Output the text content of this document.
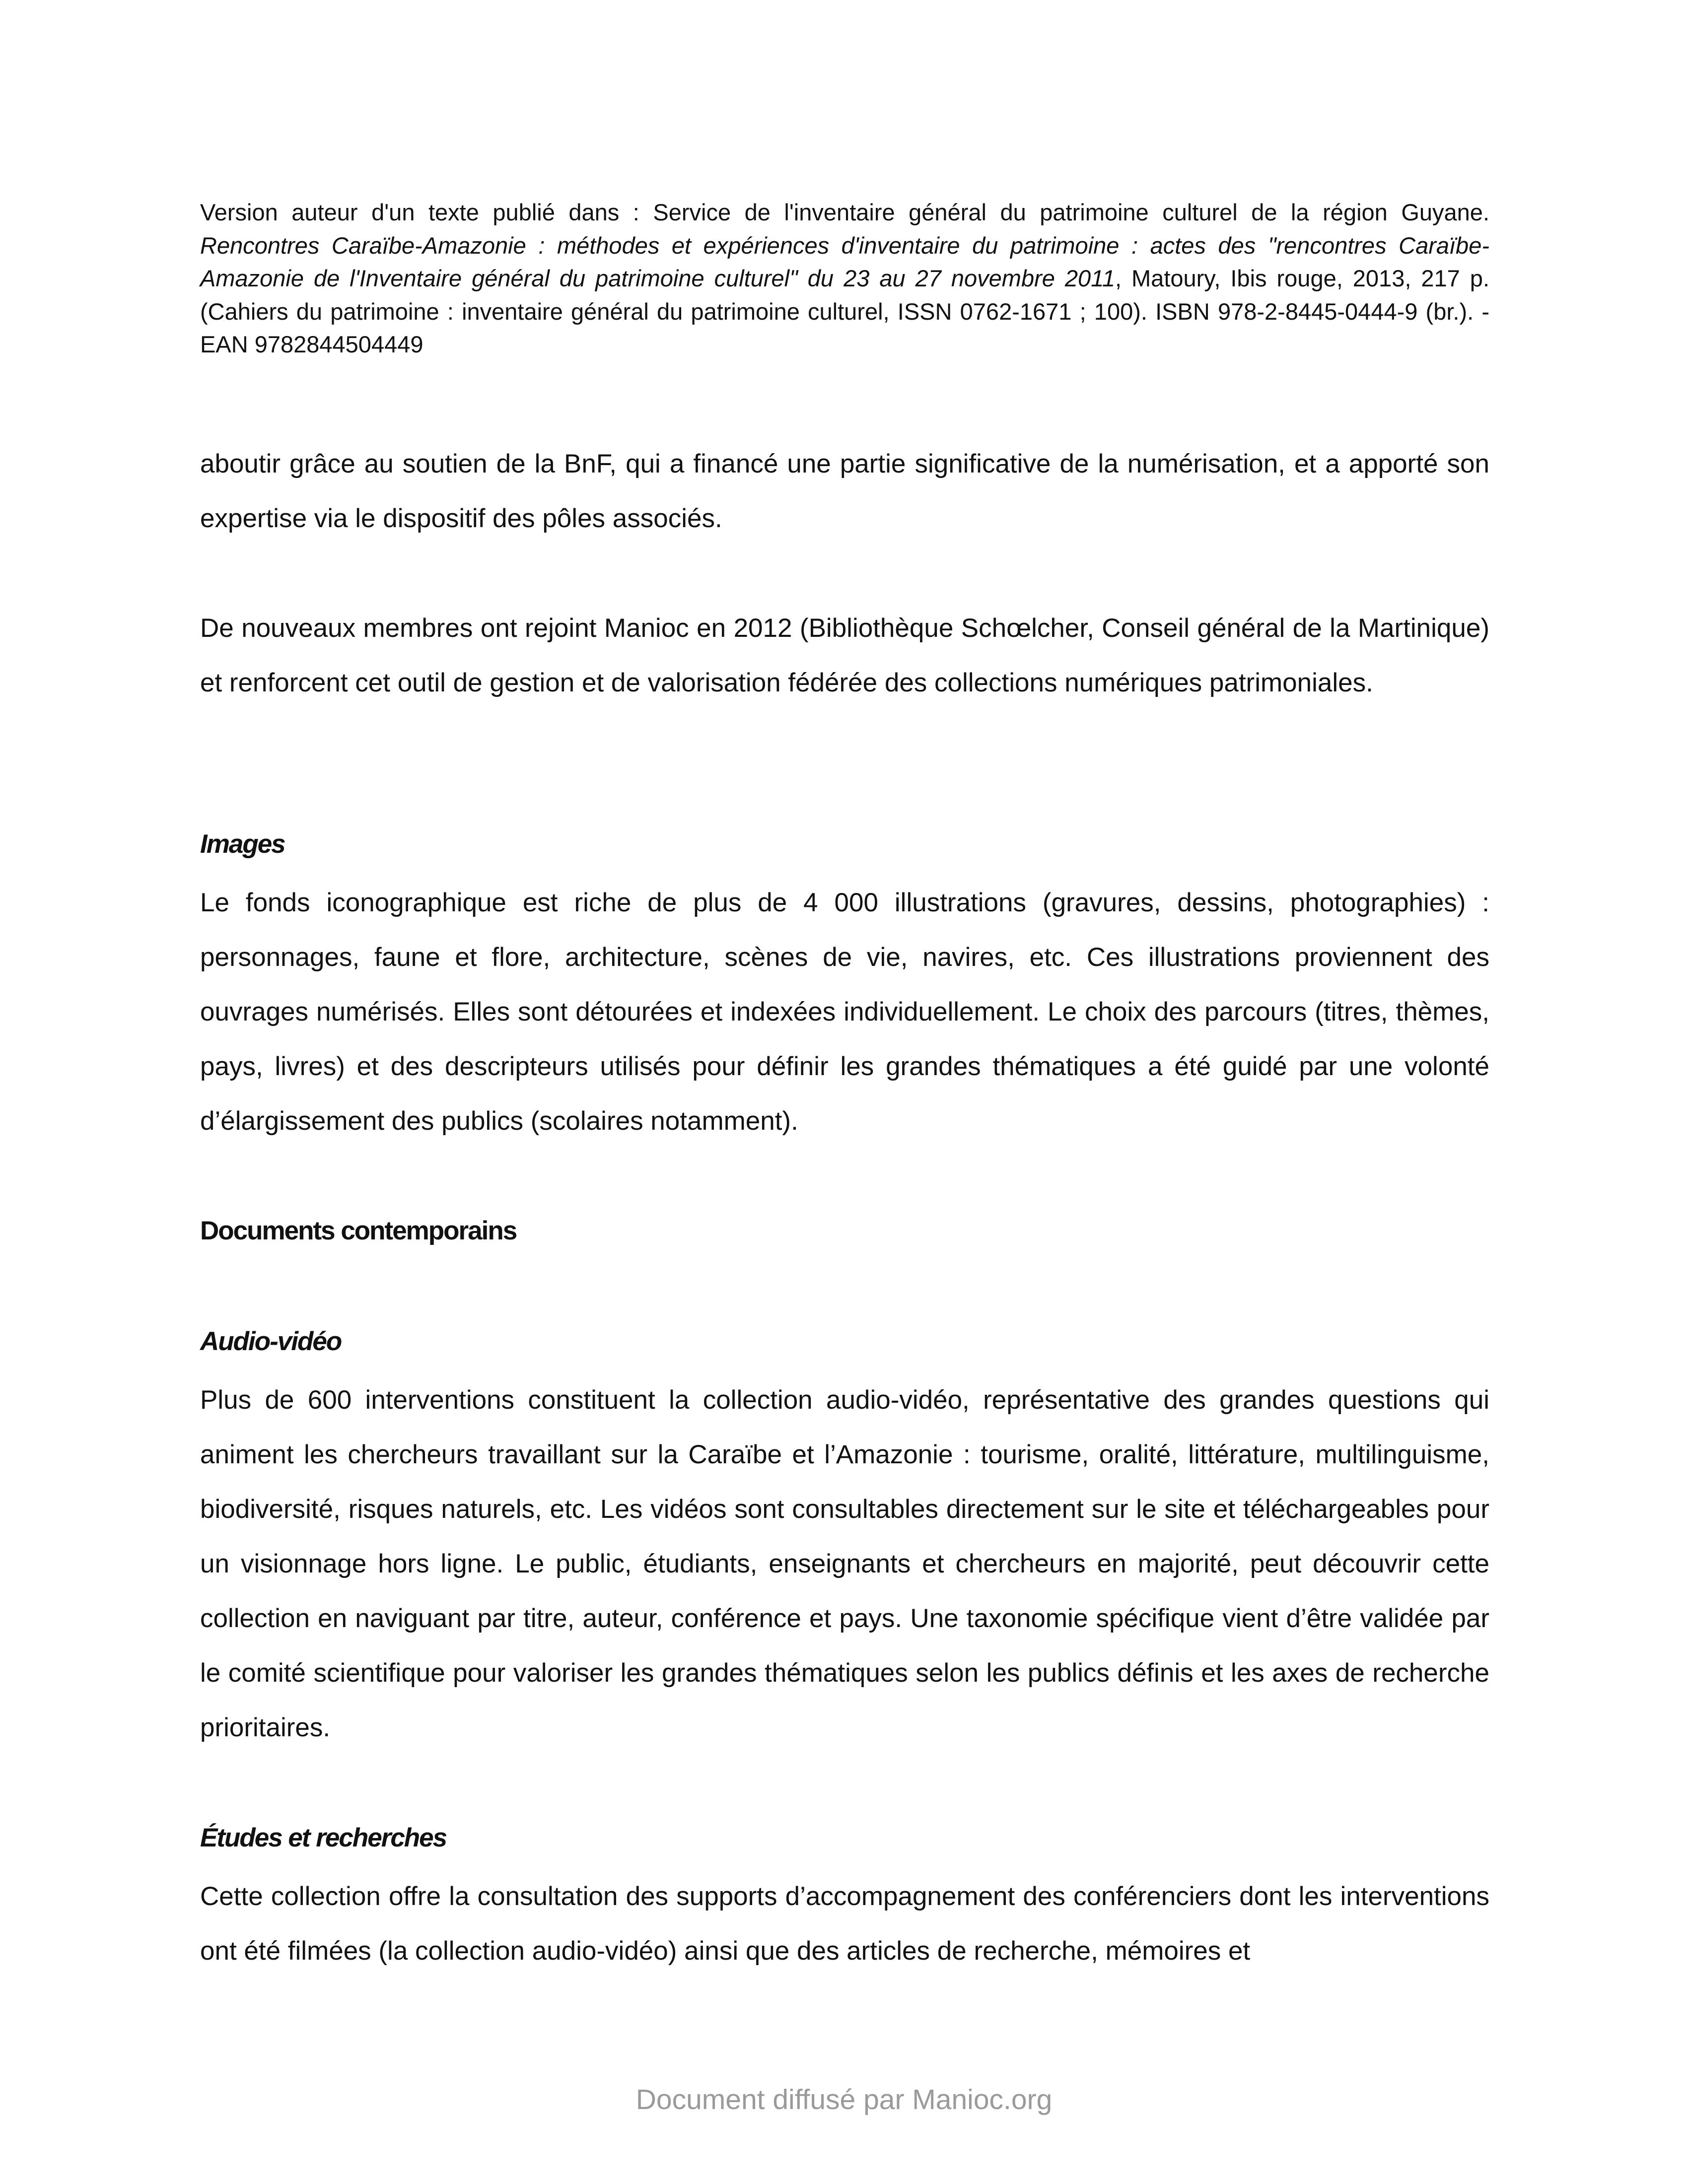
Version auteur d'un texte publié dans : Service de l'inventaire général du patrimoine culturel de la région Guyane. Rencontres Caraïbe-Amazonie : méthodes et expériences d'inventaire du patrimoine : actes des "rencontres Caraïbe-Amazonie de l'Inventaire général du patrimoine culturel" du 23 au 27 novembre 2011, Matoury, Ibis rouge, 2013, 217 p. (Cahiers du patrimoine : inventaire général du patrimoine culturel, ISSN 0762-1671 ; 100). ISBN 978-2-8445-0444-9 (br.). - EAN 9782844504449
aboutir grâce au soutien de la BnF, qui a financé une partie significative de la numérisation, et a apporté son expertise via le dispositif des pôles associés.
De nouveaux membres ont rejoint Manioc en 2012 (Bibliothèque Schœlcher, Conseil général de la Martinique) et renforcent cet outil de gestion et de valorisation fédérée des collections numériques patrimoniales.
Images
Le fonds iconographique est riche de plus de 4 000 illustrations (gravures, dessins, photographies) : personnages, faune et flore, architecture, scènes de vie, navires, etc. Ces illustrations proviennent des ouvrages numérisés. Elles sont détourées et indexées individuellement. Le choix des parcours (titres, thèmes, pays, livres) et des descripteurs utilisés pour définir les grandes thématiques a été guidé par une volonté d’élargissement des publics (scolaires notamment).
Documents contemporains
Audio-vidéo
Plus de 600 interventions constituent la collection audio-vidéo, représentative des grandes questions qui animent les chercheurs travaillant sur la Caraïbe et l’Amazonie : tourisme, oralité, littérature, multilinguisme, biodiversité, risques naturels, etc. Les vidéos sont consultables directement sur le site et téléchargeables pour un visionnage hors ligne. Le public, étudiants, enseignants et chercheurs en majorité, peut découvrir cette collection en naviguant par titre, auteur, conférence et pays. Une taxonomie spécifique vient d’être validée par le comité scientifique pour valoriser les grandes thématiques selon les publics définis et les axes de recherche prioritaires.
Études et recherches
Cette collection offre la consultation des supports d’accompagnement des conférenciers dont les interventions ont été filmées (la collection audio-vidéo) ainsi que des articles de recherche, mémoires et
Document diffusé par Manioc.org
